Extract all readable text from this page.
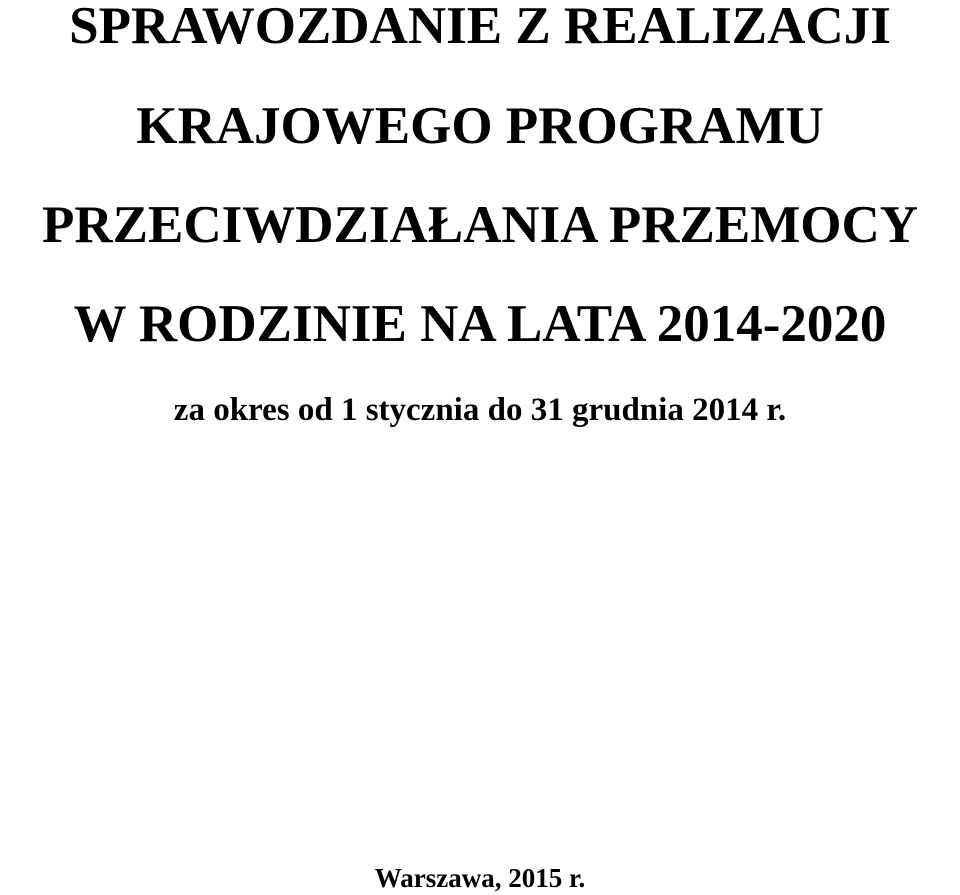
SPRAWOZDANIE Z REALIZACJI
KRAJOWEGO PROGRAMU
PRZECIWDZIAŁANIA PRZEMOCY
W RODZINIE NA LATA 2014-2020
za okres od 1 stycznia do 31 grudnia 2014 r.
Warszawa, 2015 r.
